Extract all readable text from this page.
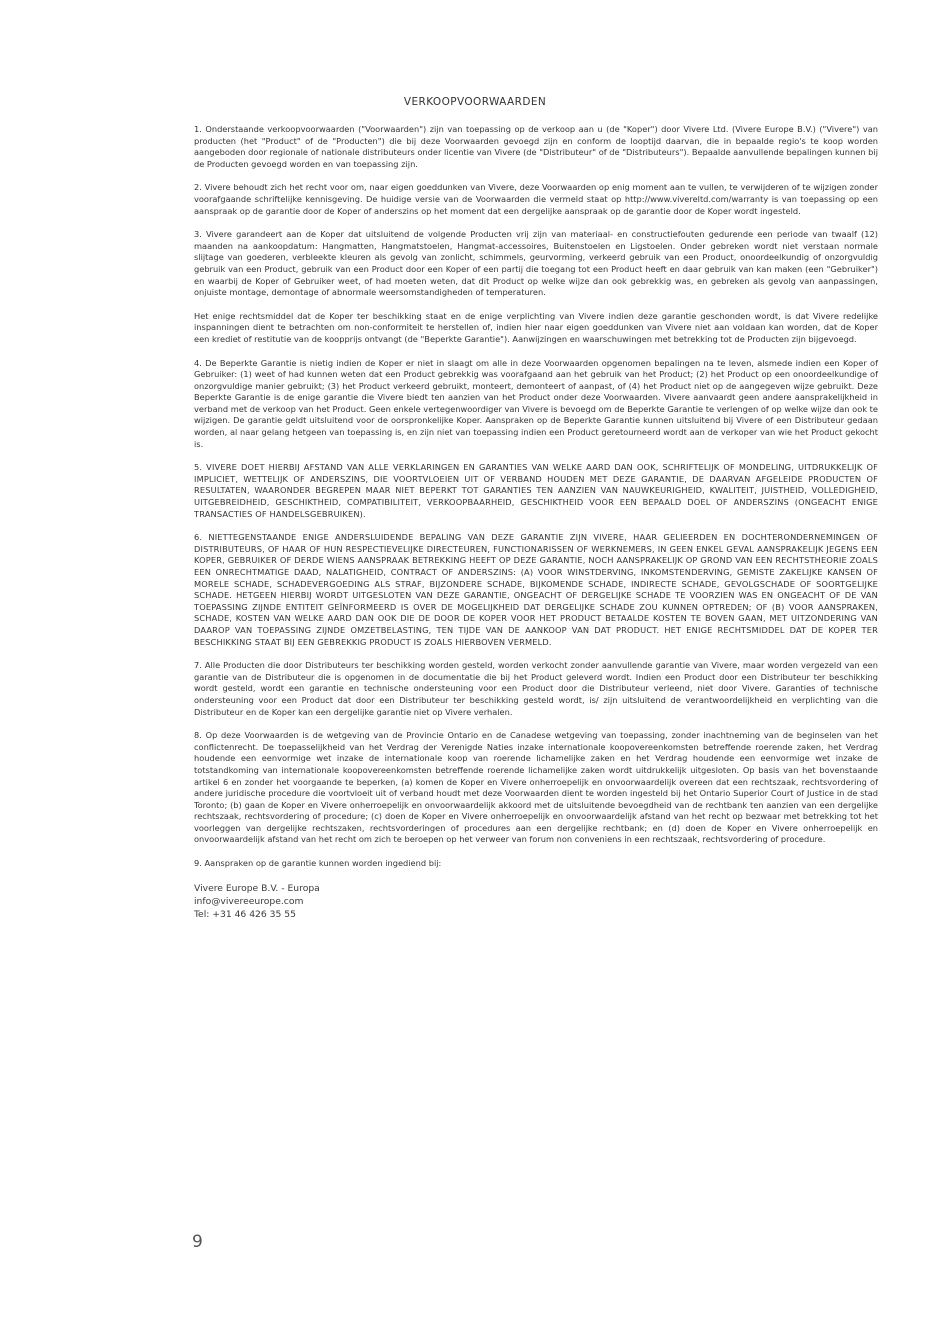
VERKOOPVOORWAARDEN

1. Onderstaande verkoopvoorwaarden ("Voorwaarden") zijn van toepassing op de verkoop aan u (de "Koper") door Vivere Ltd. (Vivere Europe B.V.) ("Vivere") van producten (het "Product" of de "Producten") die bij deze Voorwaarden gevoegd zijn en conform de looptijd daarvan, die in bepaalde regio's te koop worden aangeboden door regionale of nationale distributeurs onder licentie van Vivere (de "Distributeur" of de "Distributeurs"). Bepaalde aanvullende bepalingen kunnen bij de Producten gevoegd worden en van toepassing zijn.

2. Vivere behoudt zich het recht voor om, naar eigen goeddunken van Vivere, deze Voorwaarden op enig moment aan te vullen, te verwijderen of te wijzigen zonder voorafgaande schriftelijke kennisgeving. De huidige versie van de Voorwaarden die vermeld staat op http://www.vivereltd.com/warranty is van toepassing op een aanspraak op de garantie door de Koper of anderszins op het moment dat een dergelijke aanspraak op de garantie door de Koper wordt ingesteld.

3. Vivere garandeert aan de Koper dat uitsluitend de volgende Producten vrij zijn van materiaal- en constructiefouten gedurende een periode van twaalf (12) maanden na aankoopdatum: Hangmatten, Hangmatstoelen, Hangmat-accessoires, Buitenstoelen en Ligstoelen. Onder gebreken wordt niet verstaan normale slijtage van goederen, verbleekte kleuren als gevolg van zonlicht, schimmels, geurvorming, verkeerd gebruik van een Product, onoordeelkundig of onzorgvuldig gebruik van een Product, gebruik van een Product door een Koper of een partij die toegang tot een Product heeft en daar gebruik van kan maken (een "Gebruiker") en waarbij de Koper of Gebruiker weet, of had moeten weten, dat dit Product op welke wijze dan ook gebrekkig was, en gebreken als gevolg van aanpassingen, onjuiste montage, demontage of abnormale weersomstandigheden of temperaturen.

Het enige rechtsmiddel dat de Koper ter beschikking staat en de enige verplichting van Vivere indien deze garantie geschonden wordt, is dat Vivere redelijke inspanningen dient te betrachten om non-conformiteit te herstellen of, indien hier naar eigen goeddunken van Vivere niet aan voldaan kan worden, dat de Koper een krediet of restitutie van de koopprijs ontvangt (de "Beperkte Garantie"). Aanwijzingen en waarschuwingen met betrekking tot de Producten zijn bijgevoegd.

4. De Beperkte Garantie is nietig indien de Koper er niet in slaagt om alle in deze Voorwaarden opgenomen bepalingen na te leven, alsmede indien een Koper of Gebruiker: (1) weet of had kunnen weten dat een Product gebrekkig was voorafgaand aan het gebruik van het Product; (2) het Product op een onoordeelkundige of onzorgvuldige manier gebruikt; (3) het Product verkeerd gebruikt, monteert, demonteert of aanpast, of (4) het Product niet op de aangegeven wijze gebruikt. Deze Beperkte Garantie is de enige garantie die Vivere biedt ten aanzien van het Product onder deze Voorwaarden. Vivere aanvaardt geen andere aansprakelijkheid in verband met de verkoop van het Product. Geen enkele vertegenwoordiger van Vivere is bevoegd om de Beperkte Garantie te verlengen of op welke wijze dan ook te wijzigen. De garantie geldt uitsluitend voor de oorspronkelijke Koper. Aanspraken op de Beperkte Garantie kunnen uitsluitend bij Vivere of een Distributeur gedaan worden, al naar gelang hetgeen van toepassing is, en zijn niet van toepassing indien een Product geretourneerd wordt aan de verkoper van wie het Product gekocht is.

5. VIVERE DOET HIERBIJ AFSTAND VAN ALLE VERKLARINGEN EN GARANTIES VAN WELKE AARD DAN OOK, SCHRIFTELIJK OF MONDELING, UITDRUKKELIJK OF IMPLICIET, WETTELIJK OF ANDERSZINS, DIE VOORTVLOEIEN UIT OF VERBAND HOUDEN MET DEZE GARANTIE, DE DAARVAN AFGELEIDE PRODUCTEN OF RESULTATEN, WAARONDER BEGREPEN MAAR NIET BEPERKT TOT GARANTIES TEN AANZIEN VAN NAUWKEURIGHEID, KWALITEIT, JUISTHEID, VOLLEDIGHEID, UITGEBREIDHEID, GESCHIKTHEID, COMPATIBILITEIT, VERKOOPBAARHEID, GESCHIKTHEID VOOR EEN BEPAALD DOEL OF ANDERSZINS (ONGEACHT ENIGE TRANSACTIES OF HANDELSGEBRUIKEN).

6. NIETTEGENSTAANDE ENIGE ANDERSLUIDENDE BEPALING VAN DEZE GARANTIE ZIJN VIVERE, HAAR GELIEERDEN EN DOCHTERONDERNEMINGEN OF DISTRIBUTEURS, OF HAAR OF HUN RESPECTIEVELIJKE DIRECTEUREN, FUNCTIONARISSEN OF WERKNEMERS, IN GEEN ENKEL GEVAL AANSPRAKELIJK JEGENS EEN KOPER, GEBRUIKER OF DERDE WIENS AANSPRAAK BETREKKING HEEFT OP DEZE GARANTIE, NOCH AANSPRAKELIJK OP GROND VAN EEN RECHTSTHEORIE ZOALS EEN ONRECHTMATIGE DAAD, NALATIGHEID, CONTRACT OF ANDERSZINS: (A) VOOR WINSTDERVING, INKOMSTENDERVING, GEMISTE ZAKELIJKE KANSEN OF MORELE SCHADE, SCHADEVERGOEDING ALS STRAF, BIJZONDERE SCHADE, BIJKOMENDE SCHADE, INDIRECTE SCHADE, GEVOLGSCHADE OF SOORTGELIJKE SCHADE. HETGEEN HIERBIJ WORDT UITGESLOTEN VAN DEZE GARANTIE, ONGEACHT OF DERGELIJKE SCHADE TE VOORZIEN WAS EN ONGEACHT OF DE VAN TOEPASSING ZIJNDE ENTITEIT GEÏNFORMEERD IS OVER DE MOGELIJKHEID DAT DERGELIJKE SCHADE ZOU KUNNEN OPTREDEN; OF (B) VOOR AANSPRAKEN, SCHADE, KOSTEN VAN WELKE AARD DAN OOK DIE DE DOOR DE KOPER VOOR HET PRODUCT BETAALDE KOSTEN TE BOVEN GAAN, MET UITZONDERING VAN DAAROP VAN TOEPASSING ZIJNDE OMZETBELASTING, TEN TIJDE VAN DE AANKOOP VAN DAT PRODUCT. HET ENIGE RECHTSMIDDEL DAT DE KOPER TER BESCHIKKING STAAT BIJ EEN GEBREKKIG PRODUCT IS ZOALS HIERBOVEN VERMELD.

7. Alle Producten die door Distributeurs ter beschikking worden gesteld, worden verkocht zonder aanvullende garantie van Vivere, maar worden vergezeld van een garantie van de Distributeur die is opgenomen in de documentatie die bij het Product geleverd wordt. Indien een Product door een Distributeur ter beschikking wordt gesteld, wordt een garantie en technische ondersteuning voor een Product door die Distributeur verleend, niet door Vivere. Garanties of technische ondersteuning voor een Product dat door een Distributeur ter beschikking gesteld wordt, is/ zijn uitsluitend de verantwoordelijkheid en verplichting van die Distributeur en de Koper kan een dergelijke garantie niet op Vivere verhalen.

8. Op deze Voorwaarden is de wetgeving van de Provincie Ontario en de Canadese wetgeving van toepassing, zonder inachtneming van de beginselen van het conflictenrecht. De toepasselijkheid van het Verdrag der Verenigde Naties inzake internationale koopovereenkomsten betreffende roerende zaken, het Verdrag houdende een eenvormige wet inzake de internationale koop van roerende lichamelijke zaken en het Verdrag houdende een eenvormige wet inzake de totstandkoming van internationale koopovereenkomsten betreffende roerende lichamelijke zaken wordt uitdrukkelijk uitgesloten. Op basis van het bovenstaande artikel 6 en zonder het voorgaande te beperken, (a) komen de Koper en Vivere onherroepelijk en onvoorwaardelijk overeen dat een rechtszaak, rechtsvordering of andere juridische procedure die voortvloeit uit of verband houdt met deze Voorwaarden dient te worden ingesteld bij het Ontario Superior Court of Justice in de stad Toronto; (b) gaan de Koper en Vivere onherroepelijk en onvoorwaardelijk akkoord met de uitsluitende bevoegdheid van de rechtbank ten aanzien van een dergelijke rechtszaak, rechtsvordering of procedure; (c) doen de Koper en Vivere onherroepelijk en onvoorwaardelijk afstand van het recht op bezwaar met betrekking tot het voorleggen van dergelijke rechtszaken, rechtsvorderingen of procedures aan een dergelijke rechtbank; en (d) doen de Koper en Vivere onherroepelijk en onvoorwaardelijk afstand van het recht om zich te beroepen op het verweer van forum non conveniens in een rechtszaak, rechtsvordering of procedure.

9. Aanspraken op de garantie kunnen worden ingediend bij:

Vivere Europe B.V. - Europa
info@vivereeurope.com
Tel: +31 46 426 35 55
9
